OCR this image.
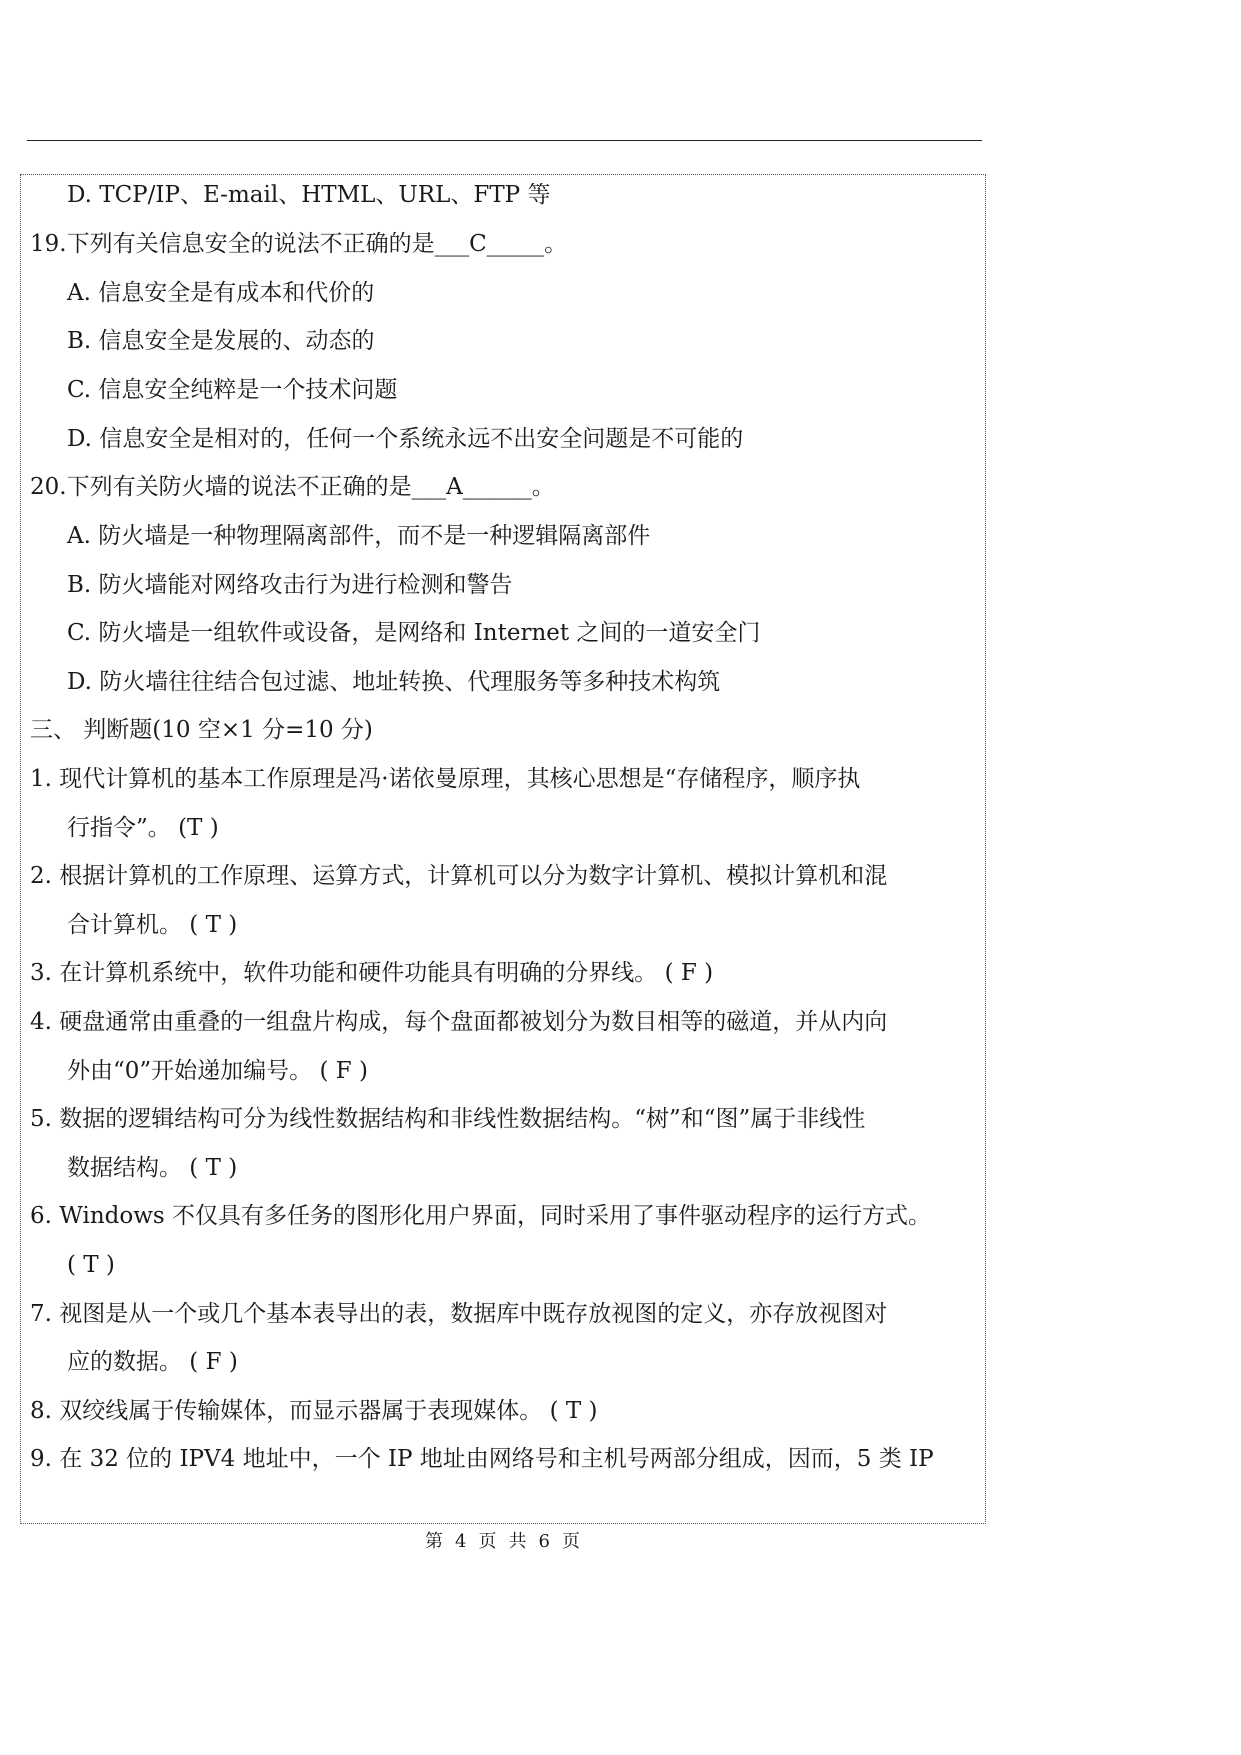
D. TCP/IP、E-mail、HTML、URL、FTP 等
19.下列有关信息安全的说法不正确的是___C_____。
A. 信息安全是有成本和代价的
B. 信息安全是发展的、动态的
C. 信息安全纯粹是一个技术问题
D. 信息安全是相对的，任何一个系统永远不出安全问题是不可能的
20.下列有关防火墙的说法不正确的是___A______。
A. 防火墙是一种物理隔离部件，而不是一种逻辑隔离部件
B. 防火墙能对网络攻击行为进行检测和警告
C. 防火墙是一组软件或设备，是网络和 Internet 之间的一道安全门
D. 防火墙往往结合包过滤、地址转换、代理服务等多种技术构筑
三、 判断题(10 空×1 分=10 分)
1. 现代计算机的基本工作原理是冯·诺依曼原理，其核心思想是“存储程序，顺序执
行指令”。 (T )
2. 根据计算机的工作原理、运算方式，计算机可以分为数字计算机、模拟计算机和混
合计算机。 ( T )
3. 在计算机系统中，软件功能和硬件功能具有明确的分界线。 ( F )
4. 硬盘通常由重叠的一组盘片构成，每个盘面都被划分为数目相等的磁道，并从内向
外由“0”开始递加编号。 ( F )
5. 数据的逻辑结构可分为线性数据结构和非线性数据结构。“树”和“图”属于非线性
数据结构。 ( T )
6. Windows 不仅具有多任务的图形化用户界面，同时采用了事件驱动程序的运行方式。
( T )
7. 视图是从一个或几个基本表导出的表，数据库中既存放视图的定义，亦存放视图对
应的数据。 ( F )
8. 双绞线属于传输媒体，而显示器属于表现媒体。 ( T )
9. 在 32 位的 IPV4 地址中，一个 IP 地址由网络号和主机号两部分组成，因而，5 类 IP
第 4 页 共 6 页
